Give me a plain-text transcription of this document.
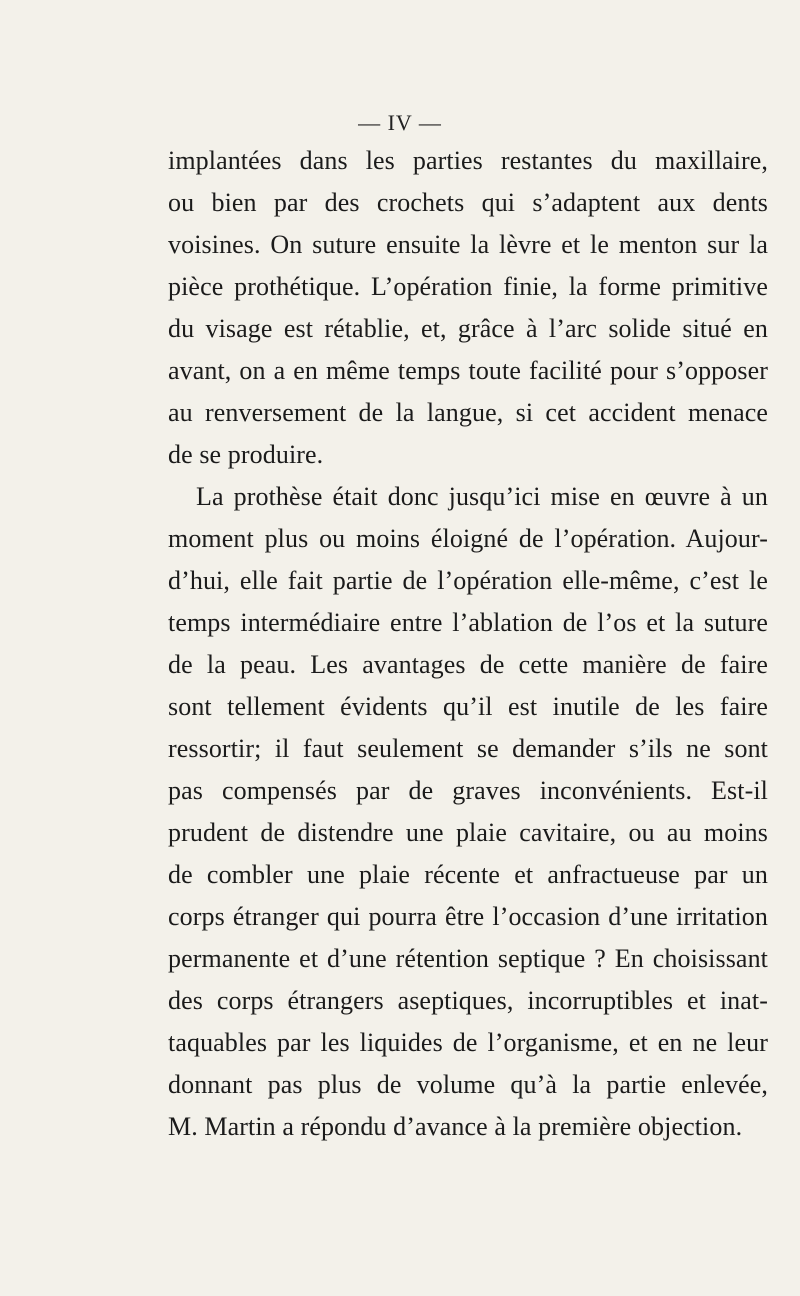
— IV —
implantées dans les parties restantes du maxillaire,
ou bien par des crochets qui s’adaptent aux dents
voisines. On suture ensuite la lèvre et le menton sur la
pièce prothétique. L’opération finie, la forme primitive
du visage est rétablie, et, grâce à l’arc solide situé en
avant, on a en même temps toute facilité pour s’opposer
au renversement de la langue, si cet accident menace
de se produire.
La prothèse était donc jusqu’ici mise en œuvre à un
moment plus ou moins éloigné de l’opération. Aujour-
d’hui, elle fait partie de l’opération elle-même, c’est le
temps intermédiaire entre l’ablation de l’os et la suture
de la peau. Les avantages de cette manière de faire
sont tellement évidents qu’il est inutile de les faire
ressortir; il faut seulement se demander s’ils ne sont
pas compensés par de graves inconvénients. Est-il
prudent de distendre une plaie cavitaire, ou au moins
de combler une plaie récente et anfractueuse par un
corps étranger qui pourra être l’occasion d’une irritation
permanente et d’une rétention septique ? En choisissant
des corps étrangers aseptiques, incorruptibles et inat-
taquables par les liquides de l’organisme, et en ne leur
donnant pas plus de volume qu’à la partie enlevée,
M. Martin a répondu d’avance à la première objection.
